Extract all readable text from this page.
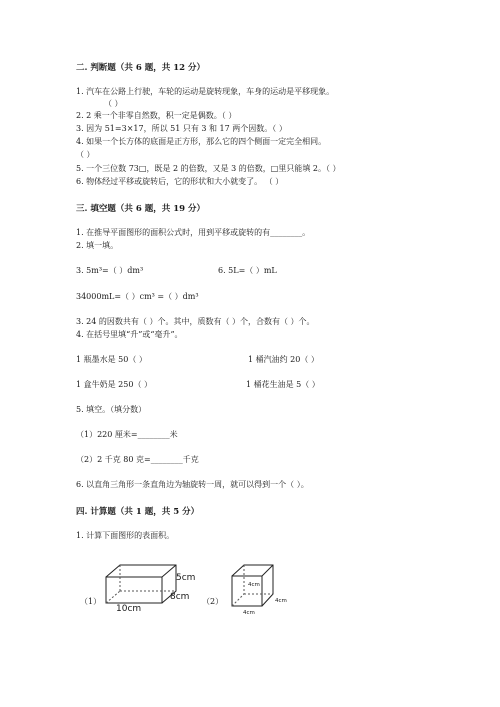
二. 判断题（共 6 题，共 12 分）
1. 汽车在公路上行驶，车轮的运动是旋转现象，车身的运动是平移现象。
（ ）
2. 2 乘一个非零自然数，积一定是偶数。（ ）
3. 因为 51=3×17，所以 51 只有 3 和 17 两个因数。（ ）
4. 如果一个长方体的底面是正方形，那么它的四个侧面一定完全相同。
（ ）
5. 一个三位数 73□，既是 2 的倍数，又是 3 的倍数，□里只能填 2。（ ）
6. 物体经过平移或旋转后，它的形状和大小就变了。 （ ）
三. 填空题（共 6 题，共 19 分）
1. 在推导平面图形的面积公式时，用到平移或旋转的有________。
2. 填一填。
3. 5m³=（ ）dm³	6. 5L=（ ）mL
34000mL=（ ）cm³ =（ ）dm³
3. 24 的因数共有（ ）个。其中，质数有（ ）个，合数有（ ）个。
4. 在括号里填“升”或“毫升”。
1 瓶墨水是 50（ ）	1 桶汽油约 20（ ）
1 盒牛奶是 250（ ）	1 桶花生油是 5（ ）
5. 填空。（填分数）
（1）220 厘米=________米
（2）2 千克 80 克=________千克
6. 以直角三角形一条直角边为轴旋转一周，就可以得到一个（ ）。
四. 计算题（共 1 题，共 5 分）
1. 计算下面图形的表面积。
（1）
5cm
8cm
10cm
（2）
4cm
4cm
4cm
